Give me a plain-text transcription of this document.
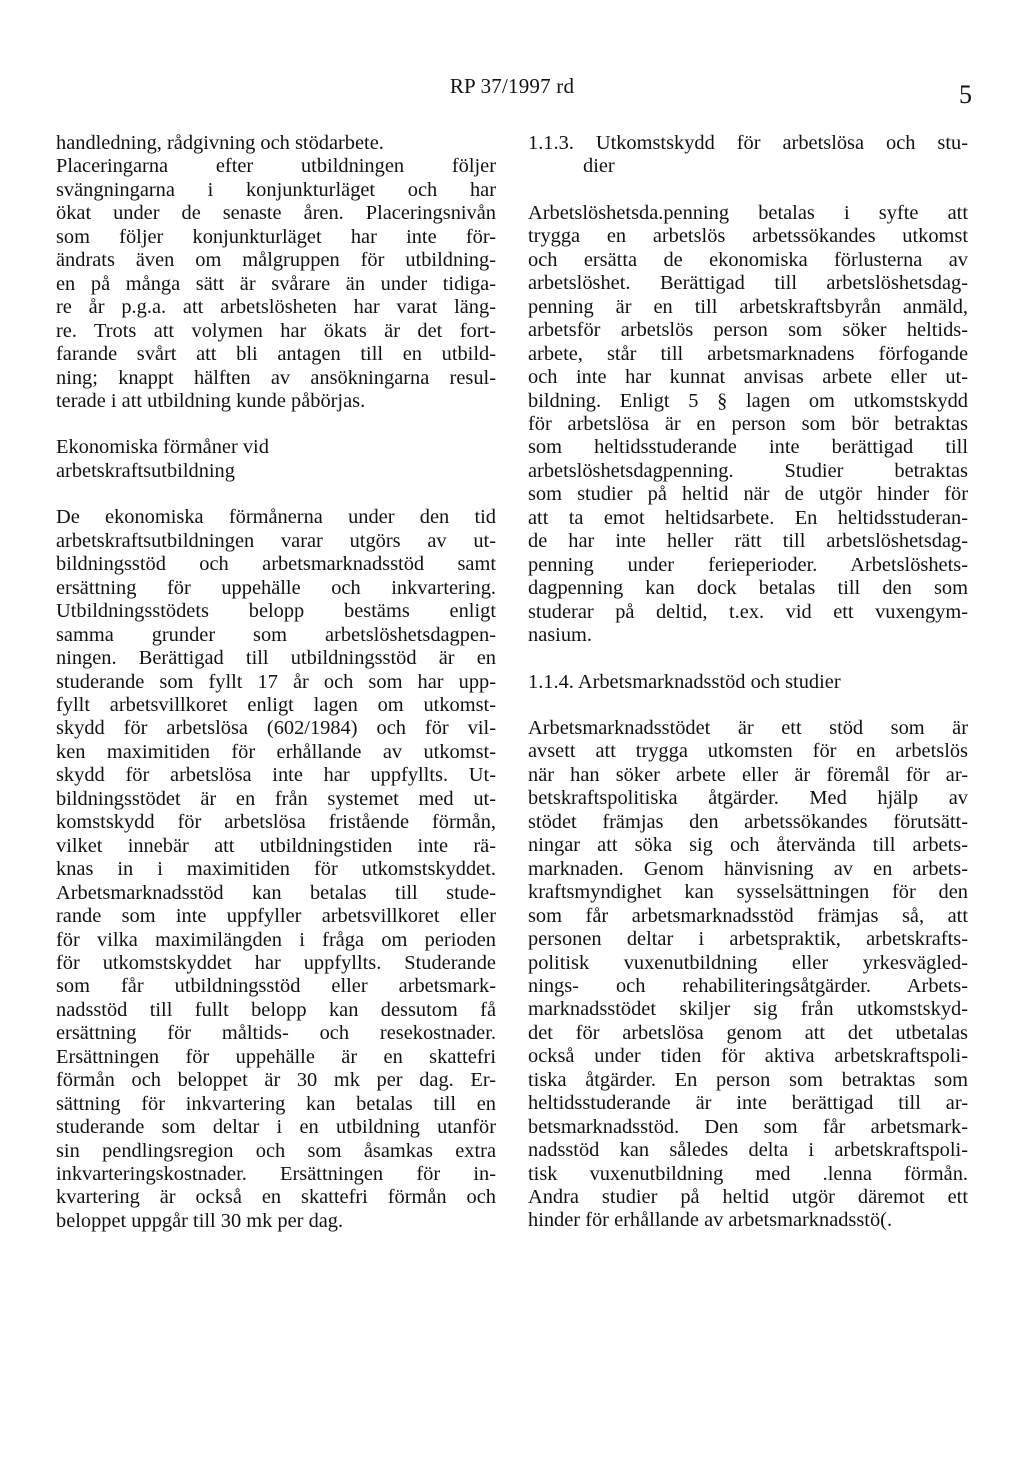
RP 37/1997 rd	5
handledning, rådgivning och stödarbete.
Placeringarna efter utbildningen följer
svängningarna i konjunkturläget och har
ökat under de senaste åren. Placeringsnivån
som följer konjunkturläget har inte för-
ändrats även om målgruppen för utbildning-
en på många sätt är svårare än under tidiga-
re år p.g.a. att arbetslösheten har varat läng-
re. Trots att volymen har ökats är det fort-
farande svårt att bli antagen till en utbild-
ning; knappt hälften av ansökningarna resul-
terade i att utbildning kunde påbörjas.
Ekonomiska förmåner vid
arbetskraftsutbildning
De ekonomiska förmånerna under den tid
arbetskraftsutbildningen varar utgörs av ut-
bildningsstöd och arbetsmarknadsstöd samt
ersättning för uppehälle och inkvartering.
Utbildningsstödets belopp bestäms enligt
samma grunder som arbetslöshetsdagpen-
ningen. Berättigad till utbildningsstöd är en
studerande som fyllt 17 år och som har upp-
fyllt arbetsvillkoret enligt lagen om utkomst-
skydd för arbetslösa (602/1984) och för vil-
ken maximitiden för erhållande av utkomst-
skydd för arbetslösa inte har uppfyllts. Ut-
bildningsstödet är en från systemet med ut-
komstskydd för arbetslösa fristående förmån,
vilket innebär att utbildningstiden inte rä-
knas in i maximitiden för utkomstskyddet.
Arbetsmarknadsstöd kan betalas till stude-
rande som inte uppfyller arbetsvillkoret eller
för vilka maximilängden i fråga om perioden
för utkomstskyddet har uppfyllts. Studerande
som får utbildningsstöd eller arbetsmark-
nadsstöd till fullt belopp kan dessutom få
ersättning för måltids- och resekostnader.
Ersättningen för uppehälle är en skattefri
förmån och beloppet är 30 mk per dag. Er-
sättning för inkvartering kan betalas till en
studerande som deltar i en utbildning utanför
sin pendlingsregion och som åsamkas extra
inkvarteringskostnader. Ersättningen för in-
kvartering är också en skattefri förmån och
beloppet uppgår till 30 mk per dag.
1.1.3. Utkomstskydd för arbetslösa och stu-
dier
Arbetslöshetsda.penning betalas i syfte att
trygga en arbetslös arbetssökandes utkomst
och ersätta de ekonomiska förlusterna av
arbetslöshet. Berättigad till arbetslöshetsdag-
penning är en till arbetskraftsbyrån anmäld,
arbetsför arbetslös person som söker heltids-
arbete, står till arbetsmarknadens förfogande
och inte har kunnat anvisas arbete eller ut-
bildning. Enligt 5 § lagen om utkomstskydd
för arbetslösa är en person som bör betraktas
som heltidsstuderande inte berättigad till
arbetslöshetsdagpenning. Studier betraktas
som studier på heltid när de utgör hinder för
att ta emot heltidsarbete. En heltidsstuderan-
de har inte heller rätt till arbetslöshetsdag-
penning under ferieperioder. Arbetslöshets-
dagpenning kan dock betalas till den som
studerar på deltid, t.ex. vid ett vuxengym-
nasium.
1.1.4. Arbetsmarknadsstöd och studier
Arbetsmarknadsstödet är ett stöd som är
avsett att trygga utkomsten för en arbetslös
när han söker arbete eller är föremål för ar-
betskraftspolitiska åtgärder. Med hjälp av
stödet främjas den arbetssökandes förutsätt-
ningar att söka sig och återvända till arbets-
marknaden. Genom hänvisning av en arbets-
kraftsmyndighet kan sysselsättningen för den
som får arbetsmarknadsstöd främjas så, att
personen deltar i arbetspraktik, arbetskrafts-
politisk vuxenutbildning eller yrkesvägled-
nings- och rehabiliteringsåtgärder. Arbets-
marknadsstödet skiljer sig från utkomstskyd-
det för arbetslösa genom att det utbetalas
också under tiden för aktiva arbetskraftspoli-
tiska åtgärder. En person som betraktas som
heltidsstuderande är inte berättigad till ar-
betsmarknadsstöd. Den som får arbetsmark-
nadsstöd kan således delta i arbetskraftspoli-
tisk vuxenutbildning med .lenna förmån.
Andra studier på heltid utgör däremot ett
hinder för erhållande av arbetsmarknadsstö(.
